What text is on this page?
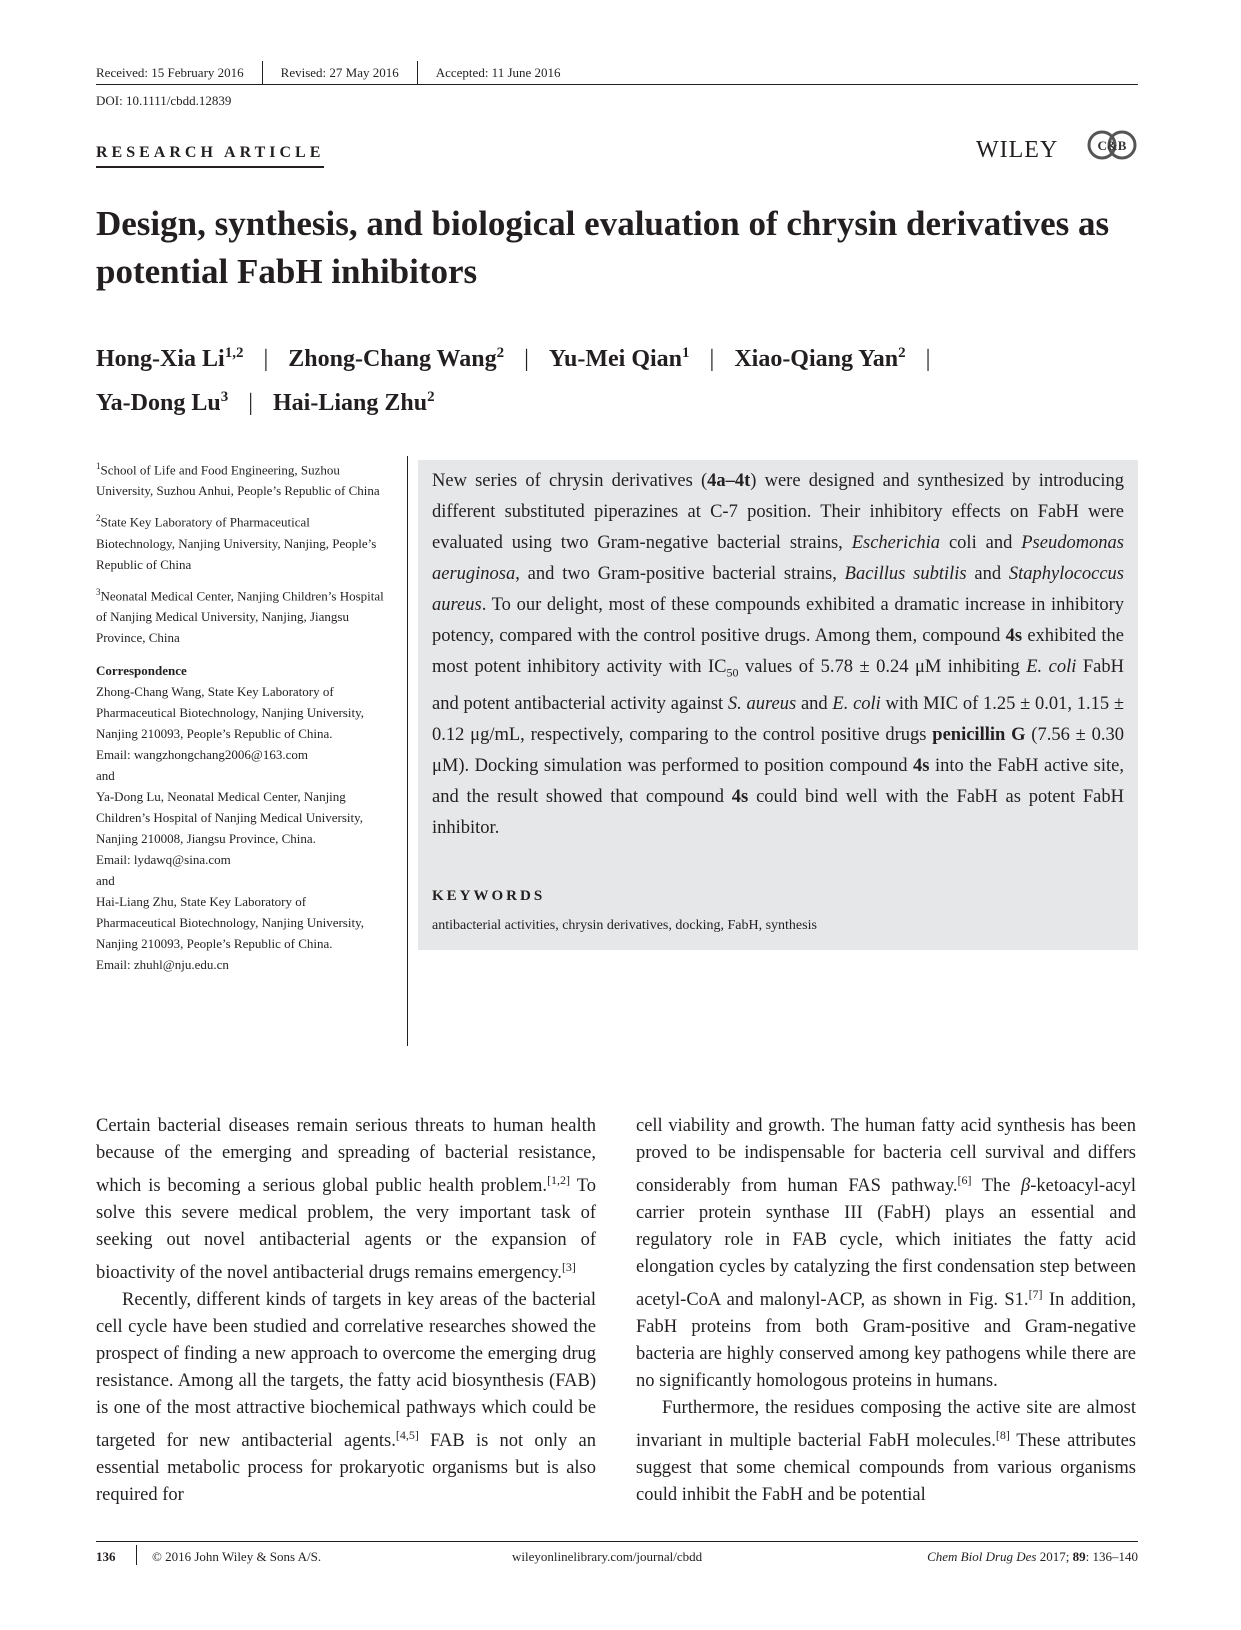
Received: 15 February 2016	Revised: 27 May 2016	Accepted: 11 June 2016
DOI: 10.1111/cbdd.12839
RESEARCH ARTICLE	WILEY	C&B
Design, synthesis, and biological evaluation of chrysin derivatives as potential FabH inhibitors
Hong-Xia Li$^{1,2}$ | Zhong-Chang Wang$^2$ | Yu-Mei Qian$^1$ | Xiao-Qiang Yan$^2$ |
Ya-Dong Lu$^3$ | Hai-Liang Zhu$^2$

$^1$School of Life and Food Engineering, Suzhou University, Suzhou Anhui, People’s Republic of China

$^2$State Key Laboratory of Pharmaceutical Biotechnology, Nanjing University, Nanjing, People’s Republic of China

$^3$Neonatal Medical Center, Nanjing Children’s Hospital of Nanjing Medical University, Nanjing, Jiangsu Province, China

Correspondence

Zhong-Chang Wang, State Key Laboratory of Pharmaceutical Biotechnology, Nanjing University, Nanjing 210093, People’s Republic of China.

Email: wangzhongchang2006@163.com

and

Ya-Dong Lu, Neonatal Medical Center, Nanjing Children’s Hospital of Nanjing Medical University, Nanjing 210008, Jiangsu Province, China.

Email: lydawq@sina.com

and

Hai-Liang Zhu, State Key Laboratory of Pharmaceutical Biotechnology, Nanjing University, Nanjing 210093, People’s Republic of China.

Email: zhuhl@nju.edu.cn

New series of chrysin derivatives (4a–4t) were designed and synthesized by introducing different substituted piperazines at C-7 position. Their inhibitory effects on FabH were evaluated using two Gram-negative bacterial strains, Escherichia coli and Pseudomonas aeruginosa, and two Gram-positive bacterial strains, Bacillus subtilis and Staphylococcus aureus. To our delight, most of these compounds exhibited a dramatic increase in inhibitory potency, compared with the control positive drugs. Among them, compound 4s exhibited the most potent inhibitory activity with $IC_{50}$ values of 5.78 ± 0.24 μM inhibiting E. coli FabH and potent antibacterial activity against S. aureus and E. coli with MIC of 1.25 ± 0.01, 1.15 ± 0.12 μg/mL, respectively, comparing to the control positive drugs penicillin G (7.56 ± 0.30 μM). Docking simulation was performed to position compound 4s into the FabH active site, and the result showed that compound 4s could bind well with the FabH as potent FabH inhibitor.
KEYWORDS
antibacterial activities, chrysin derivatives, docking, FabH, synthesis

Certain bacterial diseases remain serious threats to human health because of the emerging and spreading of bacterial resistance, which is becoming a serious global public health problem.[1,2] To solve this severe medical problem, the very important task of seeking out novel antibacterial agents or the expansion of bioactivity of the novel antibacterial drugs remains emergency.[3]

Recently, different kinds of targets in key areas of the bacterial cell cycle have been studied and correlative researches showed the prospect of finding a new approach to overcome the emerging drug resistance. Among all the targets, the fatty acid biosynthesis (FAB) is one of the most attractive biochemical pathways which could be targeted for new antibacterial agents.[4,5] FAB is not only an essential metabolic process for prokaryotic organisms but is also required for

cell viability and growth. The human fatty acid synthesis has been proved to be indispensable for bacteria cell survival and differs considerably from human FAS pathway.[6] The β-ketoacyl-acyl carrier protein synthase III (FabH) plays an essential and regulatory role in FAB cycle, which initiates the fatty acid elongation cycles by catalyzing the first condensation step between acetyl-CoA and malonyl-ACP, as shown in Fig. S1.[7] In addition, FabH proteins from both Gram-positive and Gram-negative bacteria are highly conserved among key pathogens while there are no significantly homologous proteins in humans.

Furthermore, the residues composing the active site are almost invariant in multiple bacterial FabH molecules.[8] These attributes suggest that some chemical compounds from various organisms could inhibit the FabH and be potential

136	© 2016 John Wiley & Sons A/S.	wileyonlinelibrary.com/journal/cbdd	Chem Biol Drug Des 2017; 89: 136–140
